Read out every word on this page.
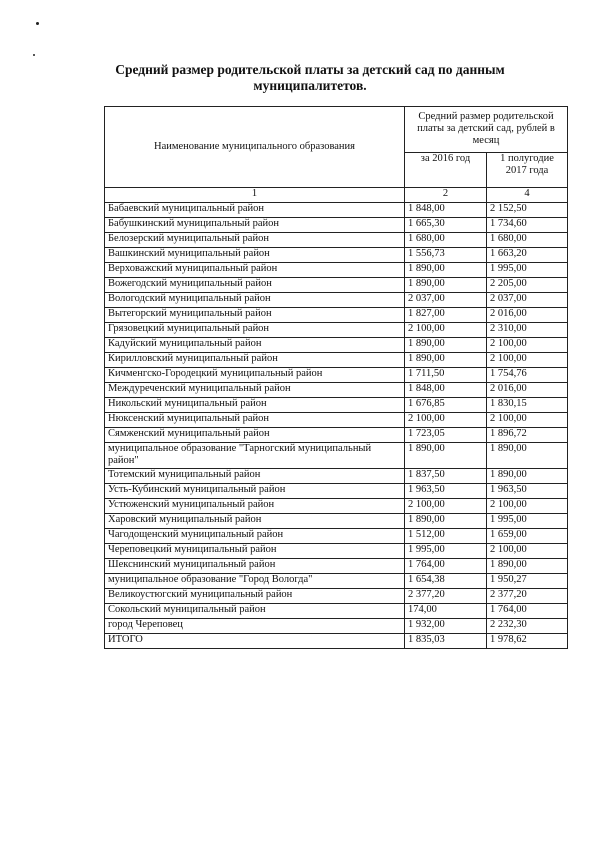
Средний размер родительской платы за детский сад по данным муниципалитетов.
Наименование муниципального образования	Средний размер родительской платы за детский сад, рублей в месяц	
	за 2016 год	1 полугодие 2017 года
1	2	4
Бабаевский муниципальный район	1 848,00	2 152,50
Бабушкинский муниципальный район	1 665,30	1 734,60
Белозерский муниципальный район	1 680,00	1 680,00
Вашкинский муниципальный район	1 556,73	1 663,20
Верховажский муниципальный район	1 890,00	1 995,00
Вожегодский муниципальный район	1 890,00	2 205,00
Вологодский муниципальный район	2 037,00	2 037,00
Вытегорский муниципальный район	1 827,00	2 016,00
Грязовецкий муниципальный район	2 100,00	2 310,00
Кадуйский муниципальный район	1 890,00	2 100,00
Кирилловский муниципальный район	1 890,00	2 100,00
Кичменгско-Городецкий муниципальный район	1 711,50	1 754,76
Междуреченский муниципальный район	1 848,00	2 016,00
Никольский муниципальный район	1 676,85	1 830,15
Нюксенский муниципальный район	2 100,00	2 100,00
Сямженский муниципальный район	1 723,05	1 896,72
муниципальное образование "Тарногский муниципальный район"	1 890,00	1 890,00
Тотемский муниципальный район	1 837,50	1 890,00
Усть-Кубинский муниципальный район	1 963,50	1 963,50
Устюженский муниципальный район	2 100,00	2 100,00
Харовский муниципальный район	1 890,00	1 995,00
Чагодощенский муниципальный район	1 512,00	1 659,00
Череповецкий муниципальный район	1 995,00	2 100,00
Шекснинский муниципальный район	1 764,00	1 890,00
муниципальное образование "Город Вологда"	1 654,38	1 950,27
Великоустюгский муниципальный район	2 377,20	2 377,20
Сокольский муниципальный район	174,00	1 764,00
город Череповец	1 932,00	2 232,30
ИТОГО	1 835,03	1 978,62
